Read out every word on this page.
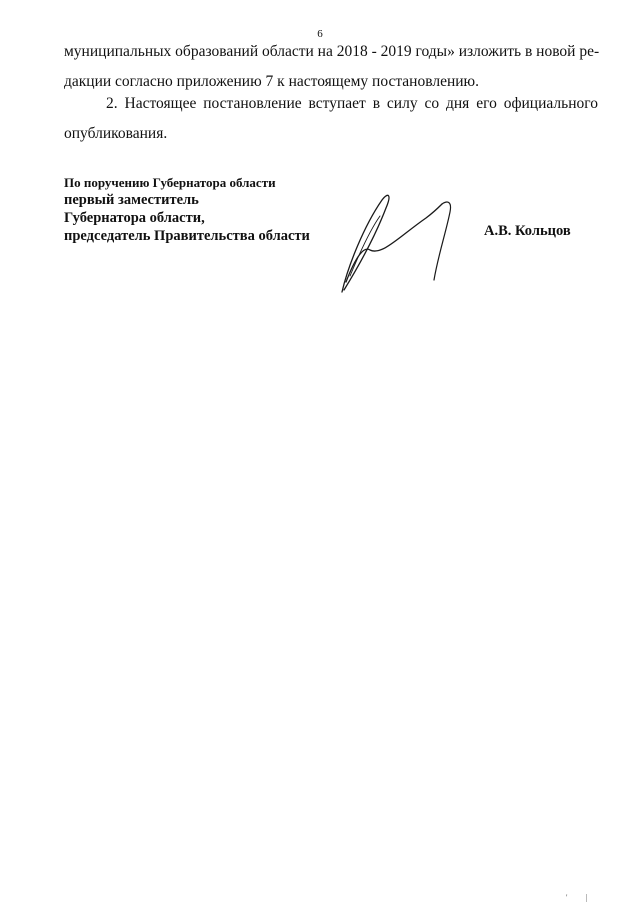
6
муниципальных образований области на 2018 - 2019 годы» изложить в новой ре-
дакции согласно приложению 7 к настоящему постановлению.
2. Настоящее постановление вступает в силу со дня его официального
опубликования.
По поручению Губернатора области
первый заместитель
Губернатора области,
председатель Правительства области	А.В. Кольцов
' |
